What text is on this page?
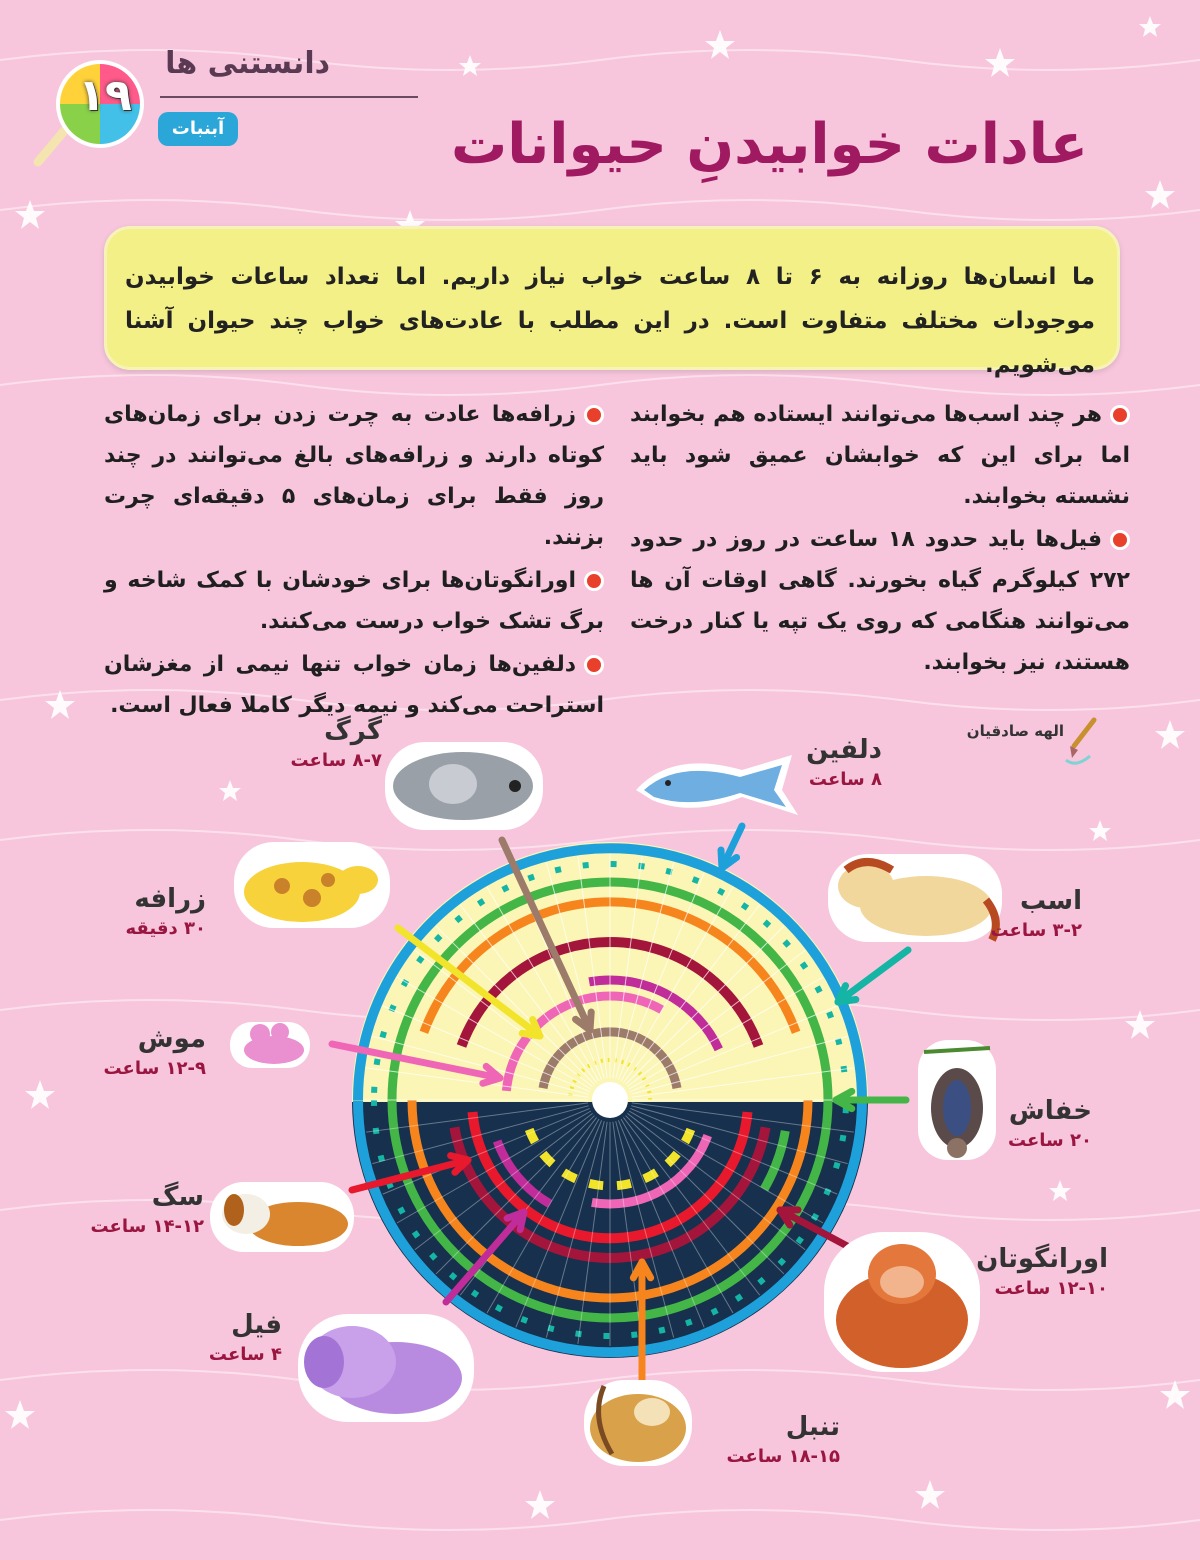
۱۹
آبنبات
دانستنی ها
عادات خوابیدنِ حیوانات
ما انسان‌ها روزانه به ۶ تا ۸ ساعت خواب نیاز داریم. اما تعداد ساعات خوابیدن موجودات مختلف متفاوت است. در این مطلب با عادت‌های خواب چند حیوان آشنا می‌شویم.

هر چند اسب‌ها می‌توانند ایستاده هم بخوابند اما برای این که خوابشان عمیق شود باید نشسته بخوابند.

فیل‌ها باید حدود ۱۸ ساعت در روز در حدود ۲۷۲ کیلوگرم گیاه بخورند. گاهی اوقات آن ها می‌توانند هنگامی که روی یک تپه یا کنار درخت هستند، نیز بخوابند.

زرافه‌ها عادت به چرت زدن برای زمان‌های کوتاه دارند و زرافه‌های بالغ می‌توانند در چند روز فقط برای زمان‌های ۵ دقیقه‌ای چرت بزنند.

اورانگوتان‌ها برای خودشان با کمک شاخه و برگ تشک خواب درست می‌کنند.

دلفین‌ها زمان خواب تنها نیمی از مغزشان استراحت می‌کند و نیمه دیگر کاملا فعال است.

الهه صادقیان
گرگ
۸-۷ ساعت	دلفین
۸ ساعت
اسب
۳-۲ ساعت
زرافه
۳۰ دقیقه
موش
۱۲-۹ ساعت
خفاش
۲۰ ساعت
سگ
۱۴-۱۲ ساعت
اورانگوتان
۱۲-۱۰ ساعت
فیل
۴ ساعت
تنبل
۱۸-۱۵ ساعت
